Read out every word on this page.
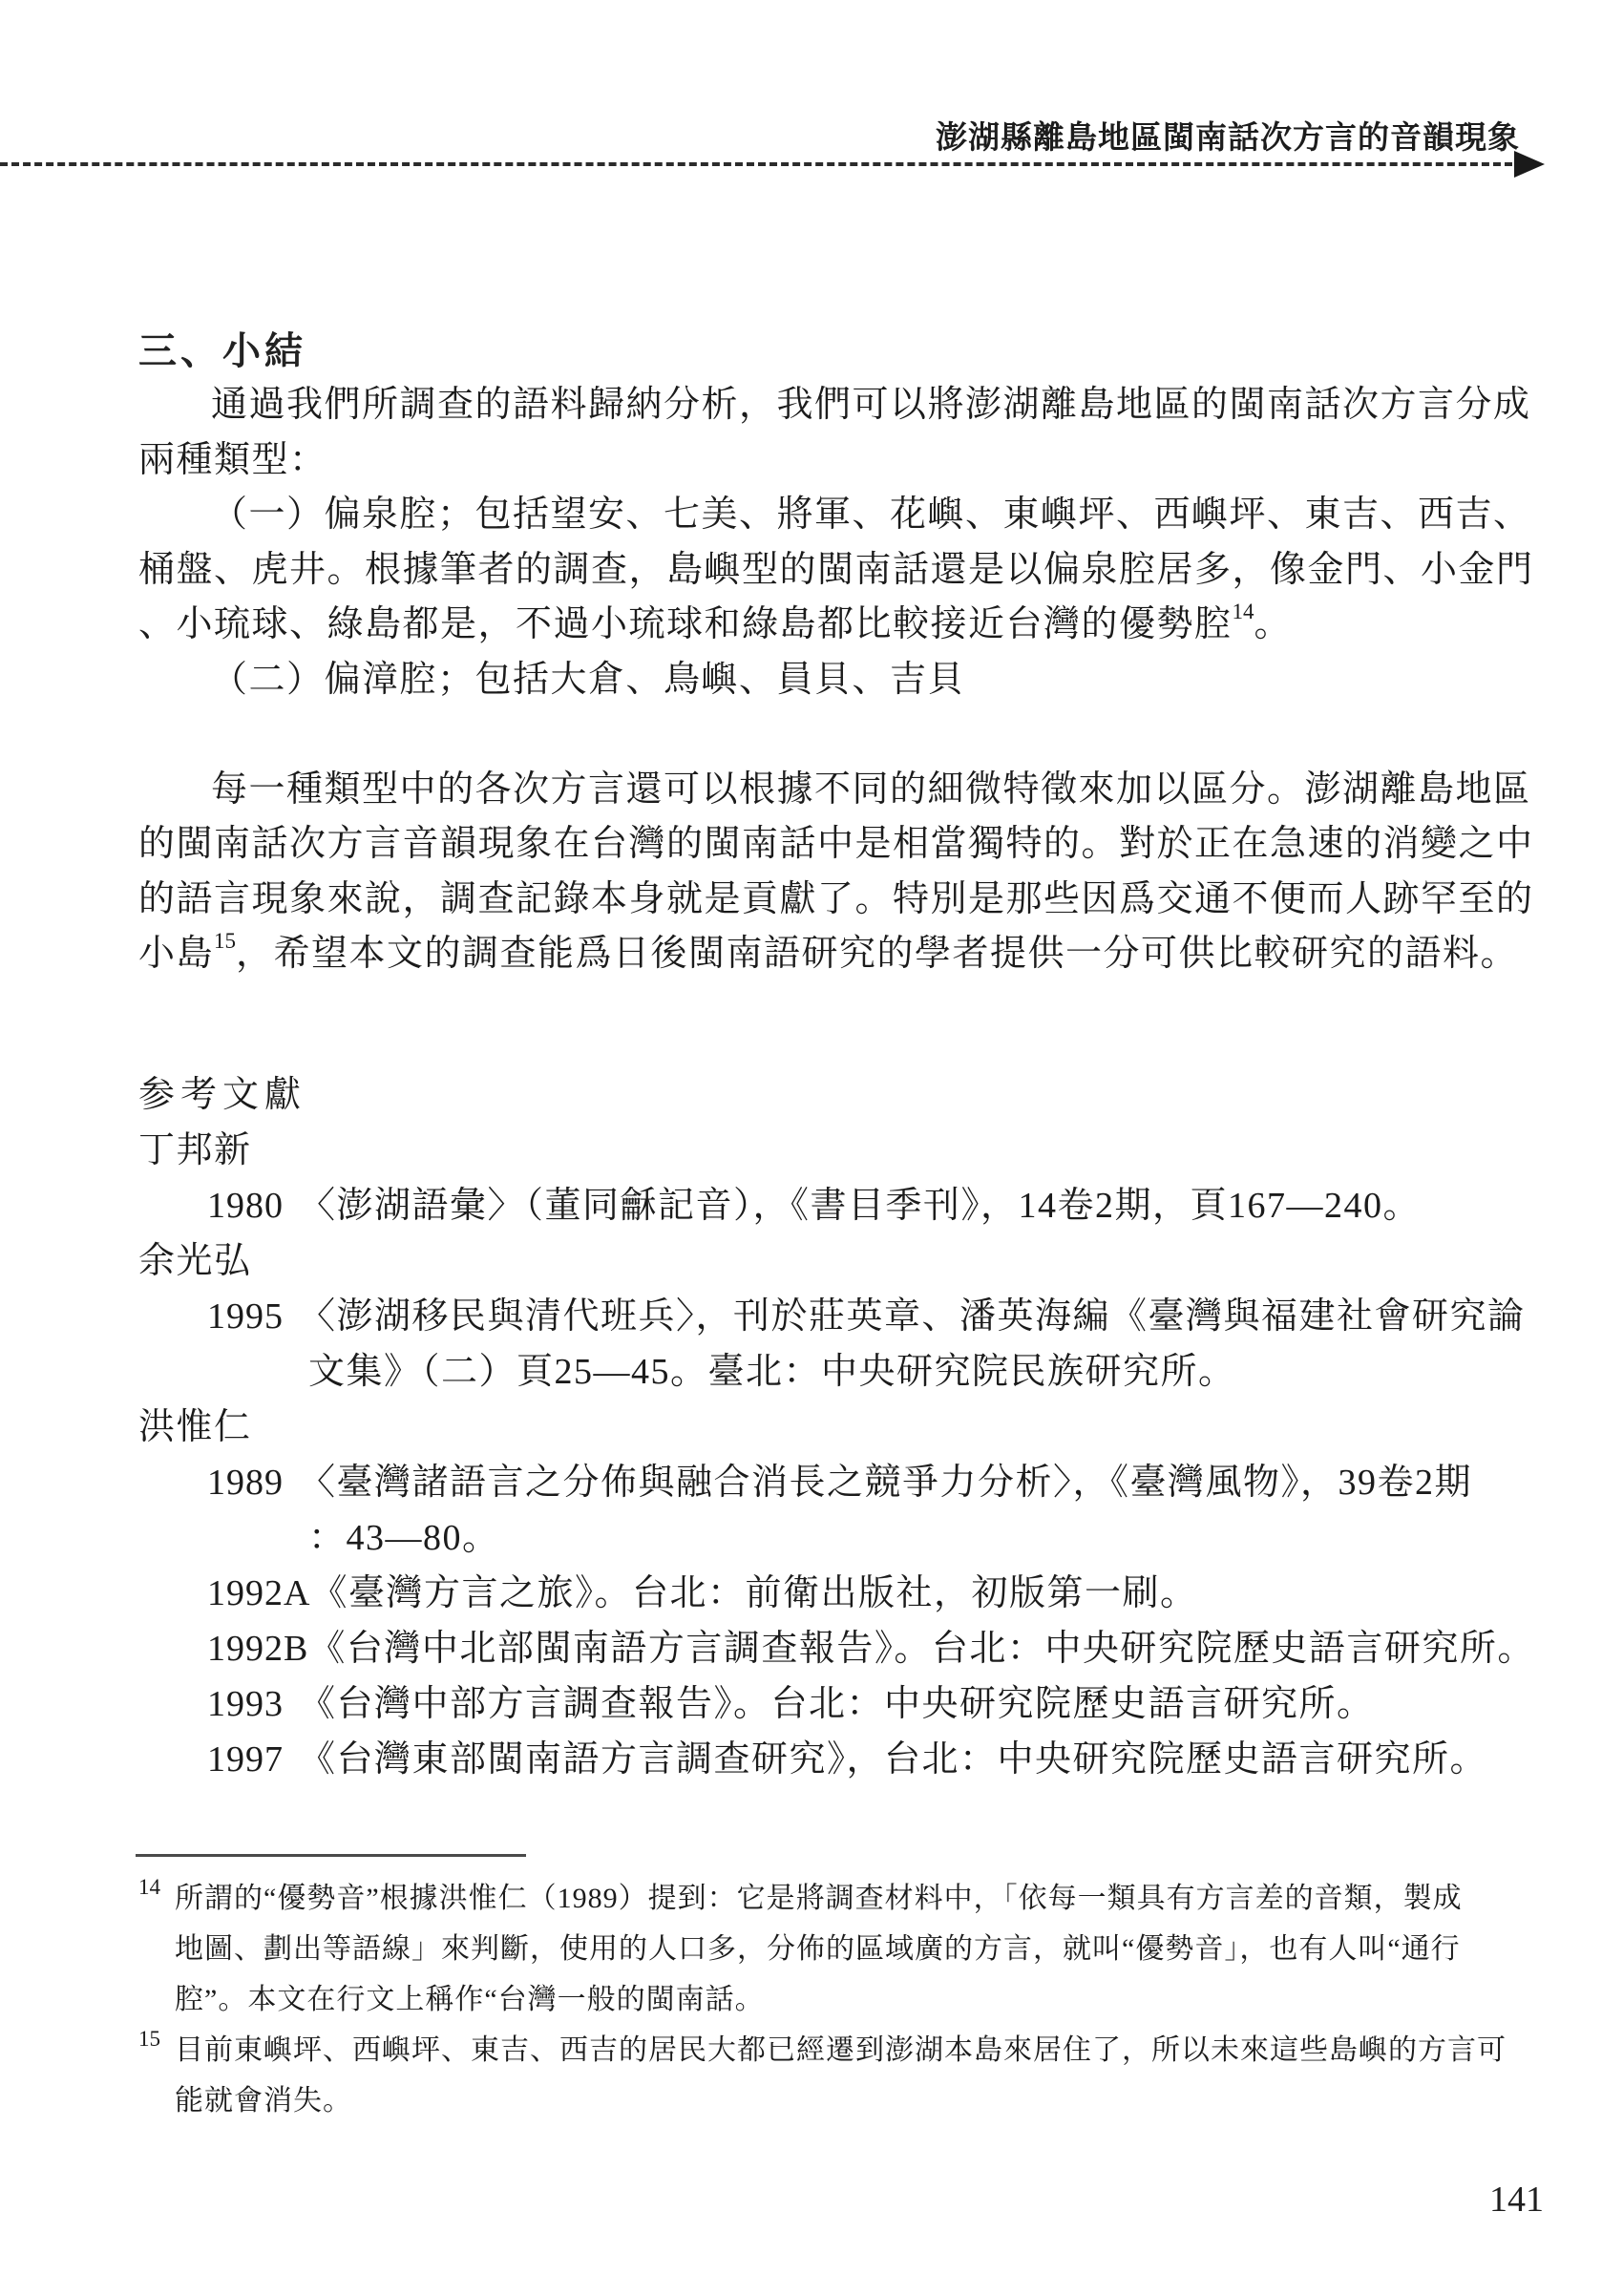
澎湖縣離島地區閩南話次方言的音韻現象
三、小結
通過我們所調查的語料歸納分析，我們可以將澎湖離島地區的閩南話次方言分成
兩種類型：
（一）偏泉腔；包括望安、七美、將軍、花嶼、東嶼坪、西嶼坪、東吉、西吉、
桶盤、虎井。根據筆者的調查，島嶼型的閩南話還是以偏泉腔居多，像金門、小金門
、小琉球、綠島都是，不過小琉球和綠島都比較接近台灣的優勢腔$^{14}$。
（二）偏漳腔；包括大倉、鳥嶼、員貝、吉貝
每一種類型中的各次方言還可以根據不同的細微特徵來加以區分。澎湖離島地區
的閩南話次方言音韻現象在台灣的閩南話中是相當獨特的。對於正在急速的消變之中
的語言現象來說，調查記錄本身就是貢獻了。特別是那些因爲交通不便而人跡罕至的
小島$^{15}$，希望本文的調查能爲日後閩南語研究的學者提供一分可供比較研究的語料。
参考文獻
丁邦新
1980 〈澎湖語彙〉（董同龢記音），《書目季刊》，14卷2期，頁167—240。
余光弘
1995 〈澎湖移民與清代班兵〉，刊於莊英章、潘英海編《臺灣與福建社會研究論
文集》（二）頁25—45。臺北：中央研究院民族研究所。
洪惟仁
1989 〈臺灣諸語言之分佈與融合消長之競爭力分析〉，《臺灣風物》，39卷2期
：43—80。
1992A《臺灣方言之旅》。台北：前衛出版社，初版第一刷。
1992B《台灣中北部閩南語方言調查報告》。台北：中央研究院歷史語言研究所。
1993 《台灣中部方言調查報告》。台北：中央研究院歷史語言研究所。
1997 《台灣東部閩南語方言調查研究》，台北：中央研究院歷史語言研究所。
14 所謂的“優勢音”根據洪惟仁（1989）提到：它是將調查材料中，「依每一類具有方言差的音類，製成
地圖、劃出等語線」來判斷，使用的人口多，分佈的區域廣的方言，就叫“優勢音」，也有人叫“通行
腔”。本文在行文上稱作“台灣一般的閩南話。
15 目前東嶼坪、西嶼坪、東吉、西吉的居民大都已經遷到澎湖本島來居住了，所以未來這些島嶼的方言可
能就會消失。
141
